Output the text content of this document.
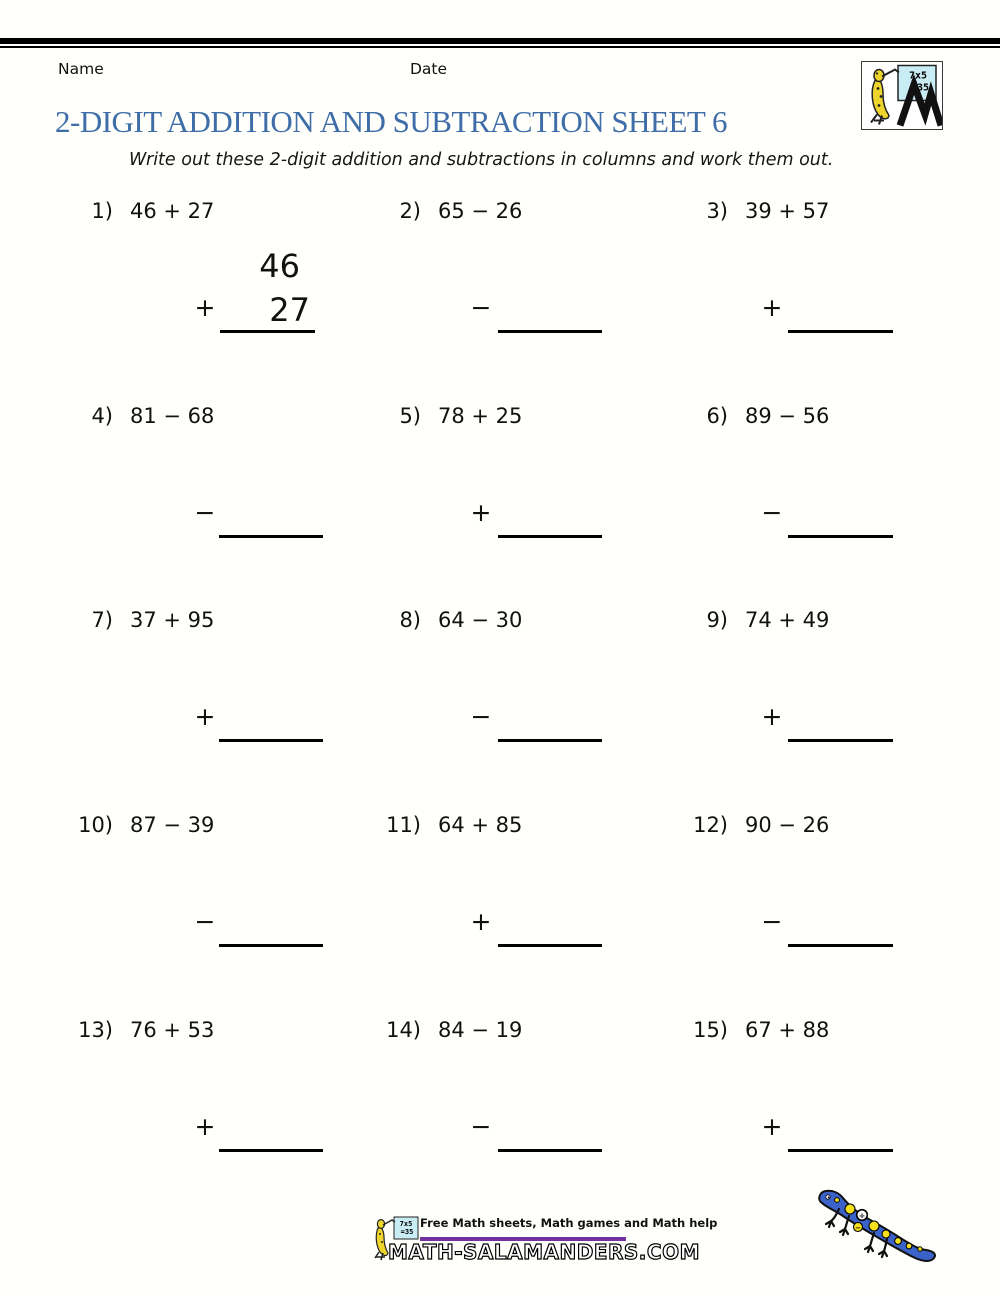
Name	Date	7x5
=35
2-DIGIT ADDITION AND SUBTRACTION SHEET 6
Write out these 2-digit addition and subtractions in columns and work them out.
1) 46 + 27
46
27
+
2) 65 − 26
−
3) 39 + 57
+
4) 81 − 68
−
5) 78 + 25
+
6) 89 − 56
−
7) 37 + 95
+
8) 64 − 30
−
9) 74 + 49
+
10) 87 − 39
−
11) 64 + 85
+
12) 90 − 26
−
13) 76 + 53
+
14) 84 − 19
−
15) 67 + 88
+
7x5
=35
Free Math sheets, Math games and Math help
MATH-SALAMANDERS.COM
÷
−
